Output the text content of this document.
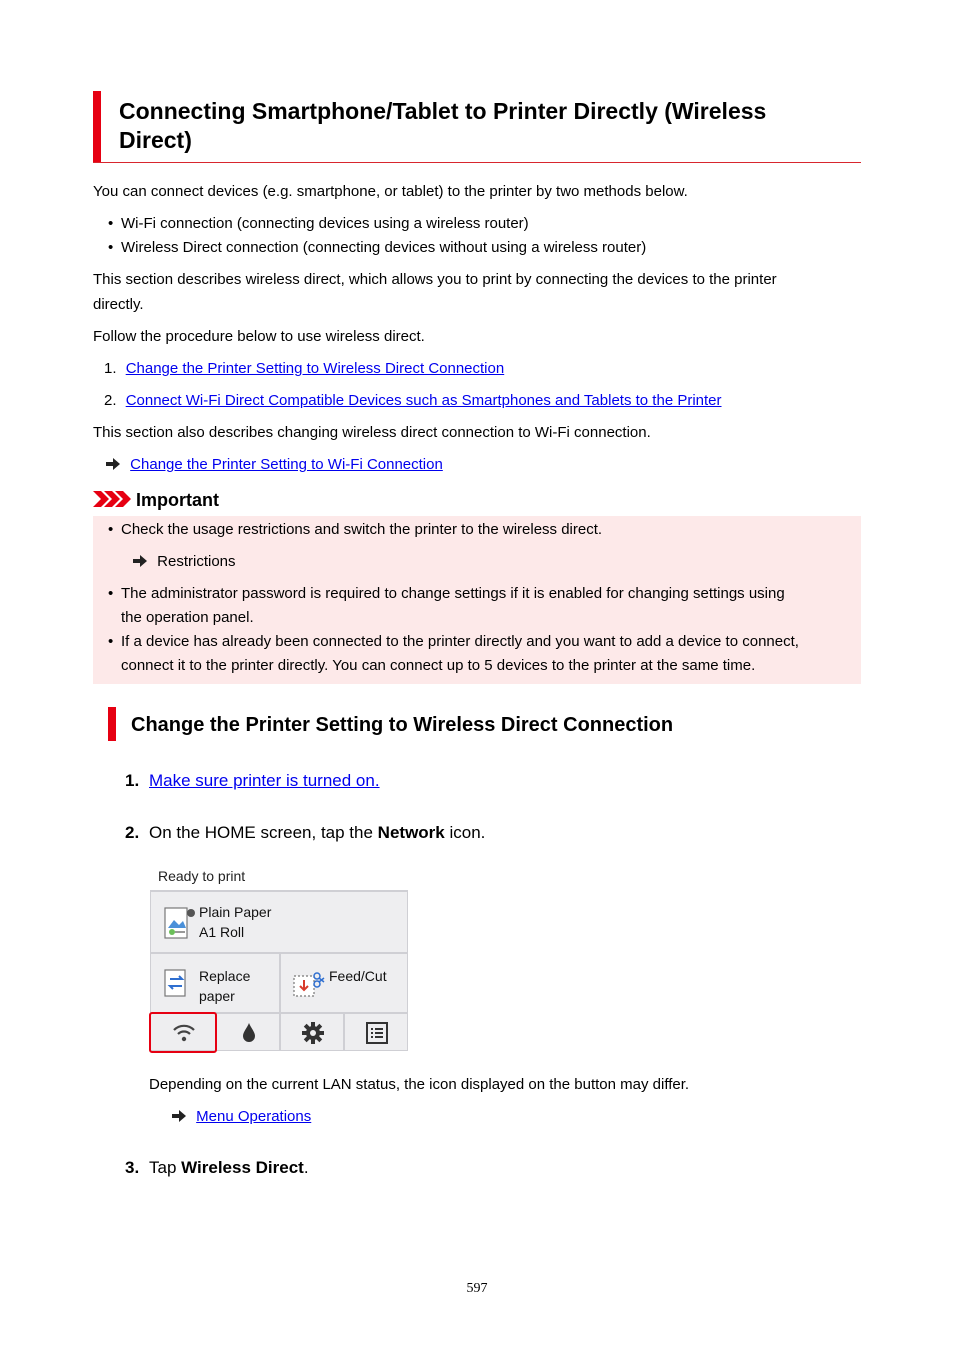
Connecting Smartphone/Tablet to Printer Directly (Wireless
Direct)
You can connect devices (e.g. smartphone, or tablet) to the printer by two methods below.
• Wi-Fi connection (connecting devices using a wireless router)
• Wireless Direct connection (connecting devices without using a wireless router)
This section describes wireless direct, which allows you to print by connecting the devices to the printer
directly.
Follow the procedure below to use wireless direct.
1. Change the Printer Setting to Wireless Direct Connection
2. Connect Wi-Fi Direct Compatible Devices such as Smartphones and Tablets to the Printer
This section also describes changing wireless direct connection to Wi-Fi connection.
Change the Printer Setting to Wi-Fi Connection
Important
• Check the usage restrictions and switch the printer to the wireless direct.
Restrictions
• The administrator password is required to change settings if it is enabled for changing settings using
the operation panel.
• If a device has already been connected to the printer directly and you want to add a device to connect,
connect it to the printer directly. You can connect up to 5 devices to the printer at the same time.
Change the Printer Setting to Wireless Direct Connection
1. Make sure printer is turned on.
2. On the HOME screen, tap the Network icon.
Ready to print
Plain Paper
A1 Roll
Replace
paper
Feed/Cut
Depending on the current LAN status, the icon displayed on the button may differ.
Menu Operations
3. Tap Wireless Direct.
597
